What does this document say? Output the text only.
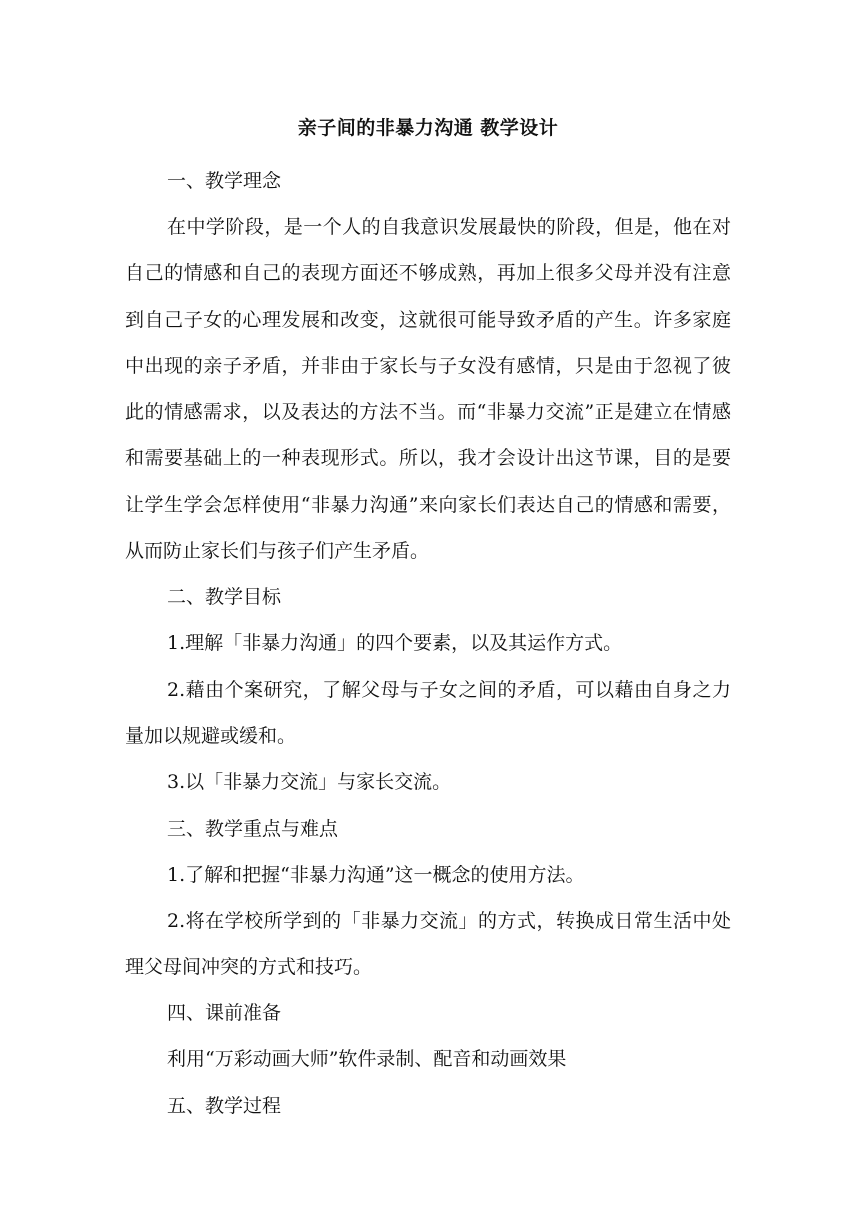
亲子间的非暴力沟通 教学设计

一、教学理念

在中学阶段，是一个人的自我意识发展最快的阶段，但是，他在对自己的情感和自己的表现方面还不够成熟，再加上很多父母并没有注意到自己子女的心理发展和改变，这就很可能导致矛盾的产生。许多家庭中出现的亲子矛盾，并非由于家长与子女没有感情，只是由于忽视了彼此的情感需求，以及表达的方法不当。而“非暴力交流”正是建立在情感和需要基础上的一种表现形式。所以，我才会设计出这节课，目的是要让学生学会怎样使用“非暴力沟通”来向家长们表达自己的情感和需要，从而防止家长们与孩子们产生矛盾。

二、教学目标

1.理解「非暴力沟通」的四个要素，以及其运作方式。

2.藉由个案研究，了解父母与子女之间的矛盾，可以藉由自身之力量加以规避或缓和。

3.以「非暴力交流」与家长交流。

三、教学重点与难点

1.了解和把握“非暴力沟通”这一概念的使用方法。

2.将在学校所学到的「非暴力交流」的方式，转换成日常生活中处理父母间冲突的方式和技巧。

四、课前准备

利用“万彩动画大师”软件录制、配音和动画效果

五、教学过程
